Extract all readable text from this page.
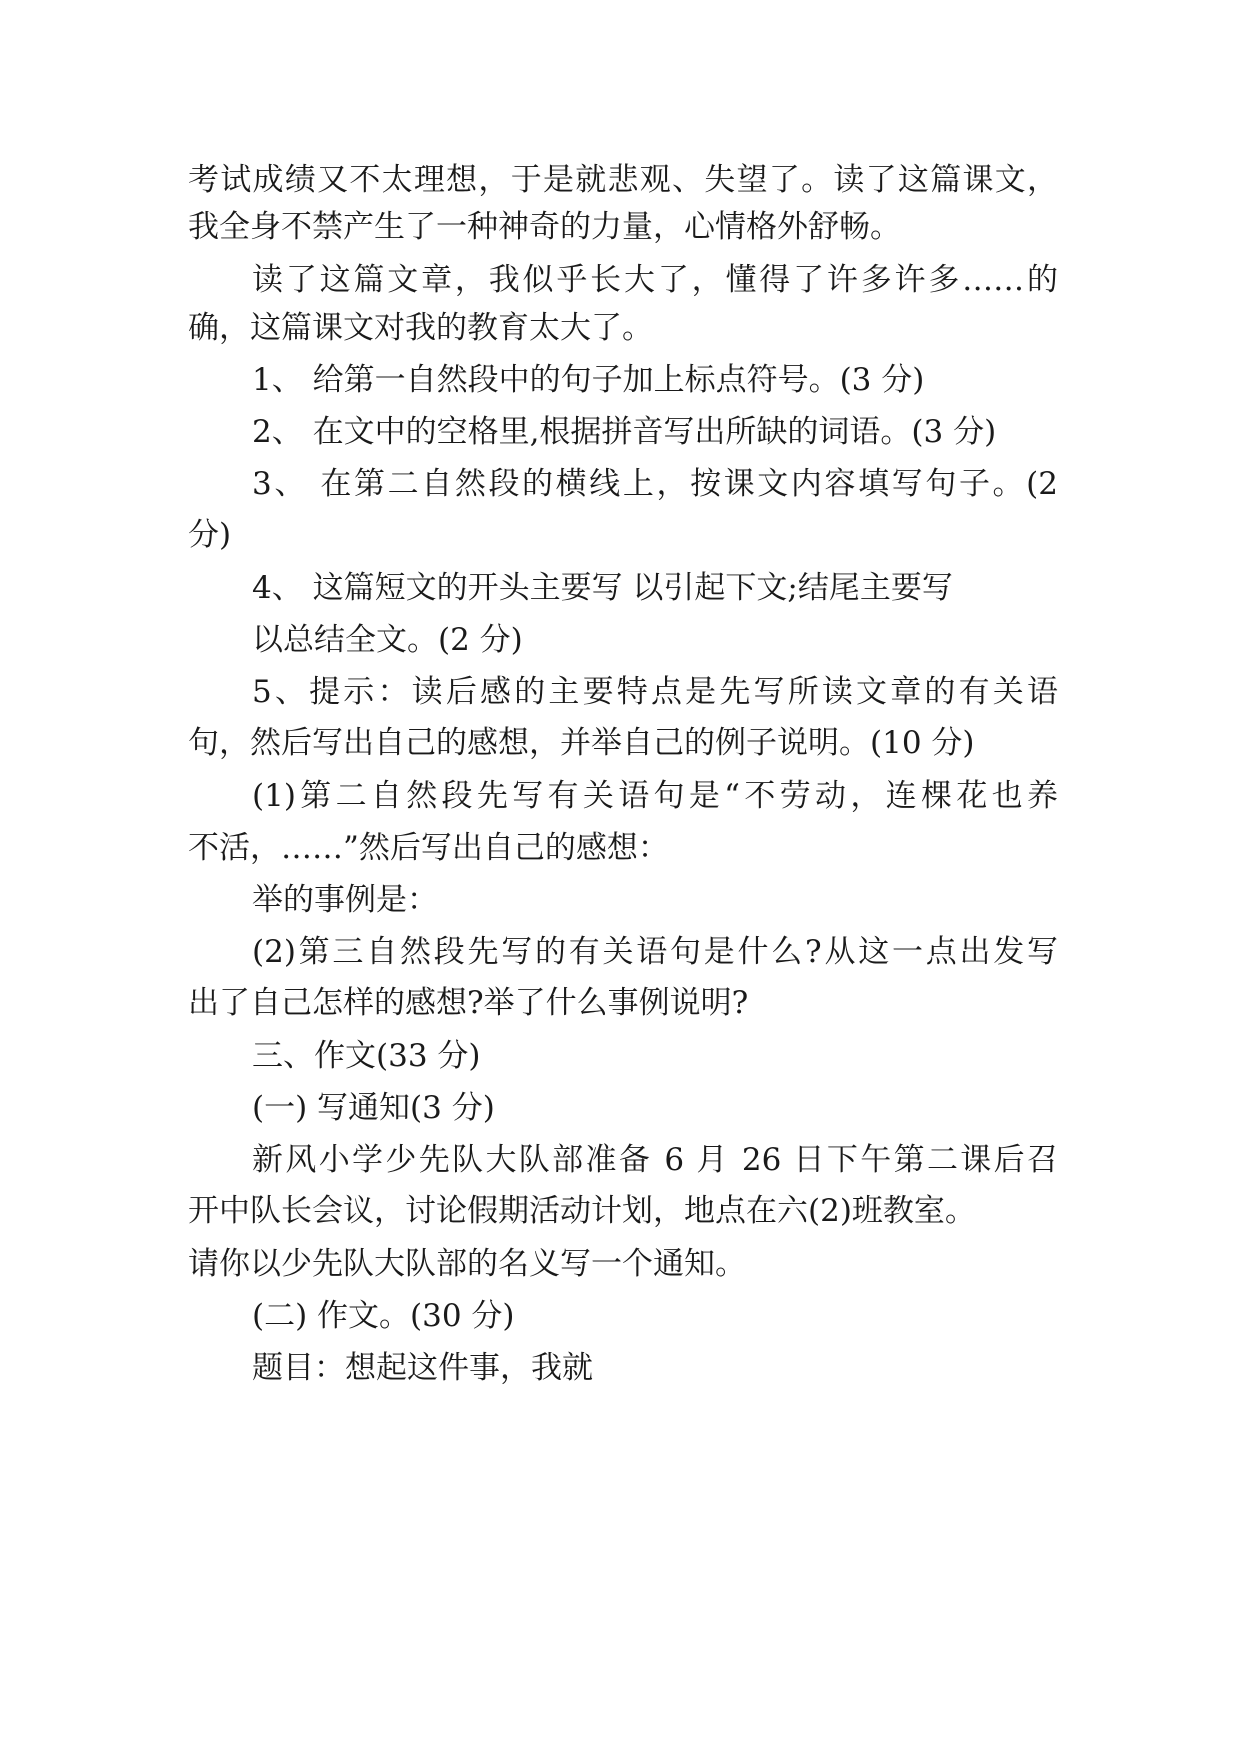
考试成绩又不太理想，于是就悲观、失望了。读了这篇课文，
我全身不禁产生了一种神奇的力量，心情格外舒畅。
读了这篇文章，我似乎长大了，懂得了许多许多……的
确，这篇课文对我的教育太大了。
1、 给第一自然段中的句子加上标点符号。(3 分)
2、 在文中的空格里,根据拼音写出所缺的词语。(3 分)
3、 在第二自然段的横线上，按课文内容填写句子。(2
分)
4、 这篇短文的开头主要写 以引起下文;结尾主要写
以总结全文。(2 分)
5、提示：读后感的主要特点是先写所读文章的有关语
句，然后写出自己的感想，并举自己的例子说明。(10 分)
(1)第二自然段先写有关语句是“不劳动，连棵花也养
不活，……”然后写出自己的感想：
举的事例是：
(2)第三自然段先写的有关语句是什么?从这一点出发写
出了自己怎样的感想?举了什么事例说明?
三、作文(33 分)
(一) 写通知(3 分)
新风小学少先队大队部准备 6 月 26 日下午第二课后召
开中队长会议，讨论假期活动计划，地点在六(2)班教室。
请你以少先队大队部的名义写一个通知。
(二) 作文。(30 分)
题目：想起这件事，我就
